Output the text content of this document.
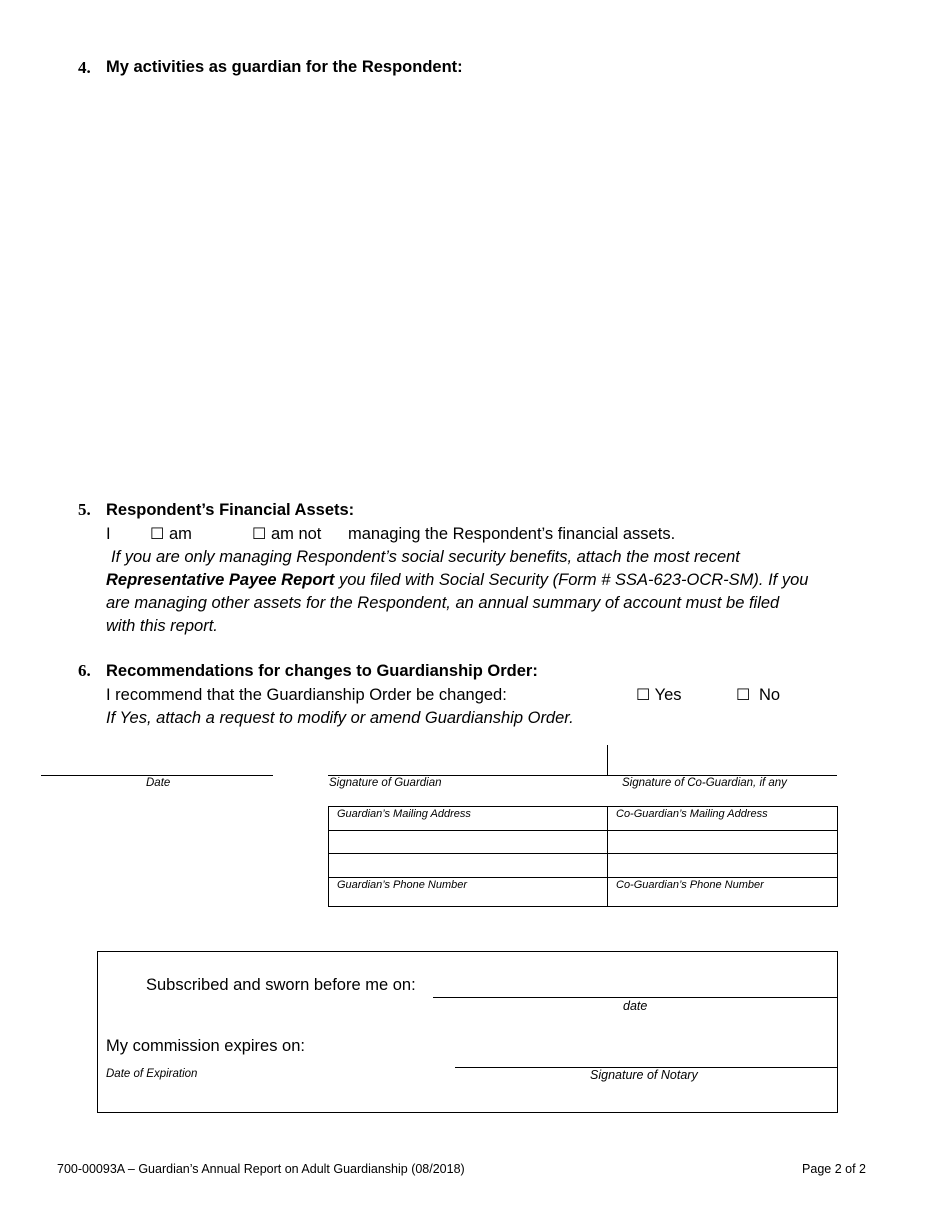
4. My activities as guardian for the Respondent:
5. Respondent’s Financial Assets:
I ☐ am	☐ am not managing the Respondent’s financial assets.
If you are only managing Respondent’s social security benefits, attach the most recent
Representative Payee Report you filed with Social Security (Form # SSA-623-OCR-SM). If you
are managing other assets for the Respondent, an annual summary of account must be filed
with this report.
6. Recommendations for changes to Guardianship Order:
I recommend that the Guardianship Order be changed:	☐ Yes	☐ No
If Yes, attach a request to modify or amend Guardianship Order.
Date	Signature of Guardian	Signature of Co-Guardian, if any
Guardian’s Mailing Address	Co-Guardian’s Mailing Address
Guardian’s Phone Number	Co-Guardian’s Phone Number
Subscribed and sworn before me on:
date
My commission expires on:
Date of Expiration	Signature of Notary
700-00093A – Guardian’s Annual Report on Adult Guardianship (08/2018)	Page 2 of 2
